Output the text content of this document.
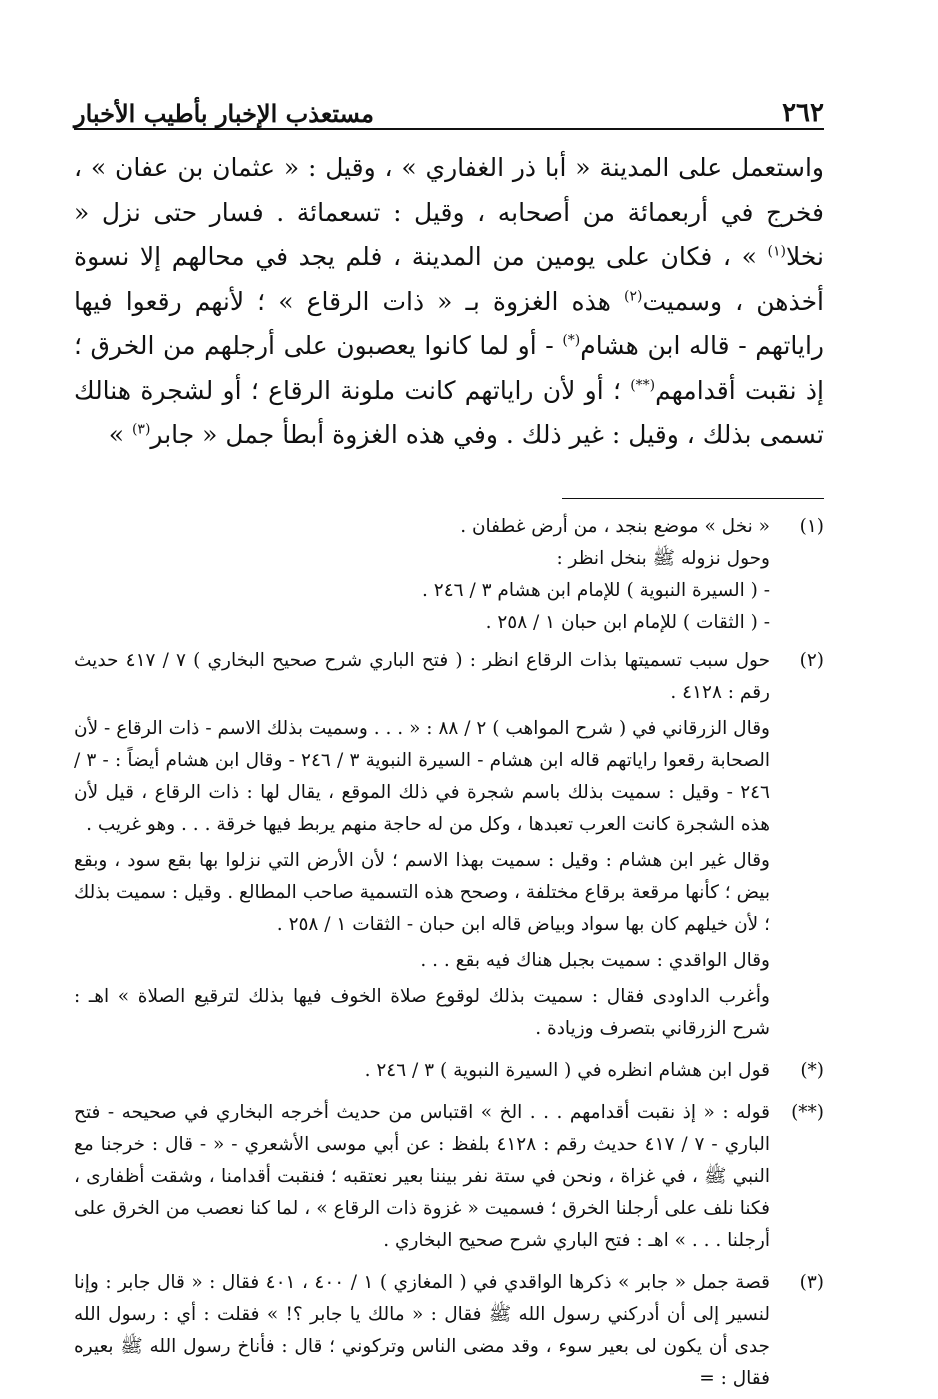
٢٦٢
مستعذب الإخبار بأطيب الأخبار

واستعمل على المدينة « أبا ذر الغفاري » ، وقيل : « عثمان بن عفان » ، فخرج في أربعمائة من أصحابه ، وقيل : تسعمائة . فسار حتى نزل « نخلا$^{(١)}$ » ، فكان على يومين من المدينة ، فلم يجد في محالهم إلا نسوة أخذهن ، وسميت$^{(٢)}$ هذه الغزوة بـ « ذات الرقاع » ؛ لأنهم رقعوا فيها راياتهم - قاله ابن هشام(*) - أو لما كانوا يعصبون على أرجلهم من الخرق ؛ إذ نقبت أقدامهم(**) ؛ أو لأن راياتهم كانت ملونة الرقاع ؛ أو لشجرة هنالك تسمى بذلك ، وقيل : غير ذلك . وفي هذه الغزوة أبطأ جمل « جابر$^{(٣)}$ »

(١)
« نخل » موضع بنجد ، من أرض غطفان .
وحول نزوله ﷺ بنخل انظر :
- ( السيرة النبوية ) للإمام ابن هشام ٣ / ٢٤٦ .
- ( الثقات ) للإمام ابن حبان ١ / ٢٥٨ .
(٢)
حول سبب تسميتها بذات الرقاع انظر : ( فتح الباري شرح صحيح البخاري ) ٧ / ٤١٧ حديث رقم : ٤١٢٨ .
وقال الزرقاني في ( شرح المواهب ) ٢ / ٨٨ : « . . . وسميت بذلك الاسم - ذات الرقاع - لأن الصحابة رقعوا راياتهم قاله ابن هشام - السيرة النبوية ٣ / ٢٤٦ - وقال ابن هشام أيضاً : - ٣ / ٢٤٦ - وقيل : سميت بذلك باسم شجرة في ذلك الموقع ، يقال لها : ذات الرقاع ، قيل لأن هذه الشجرة كانت العرب تعبدها ، وكل من له حاجة منهم يربط فيها خرقة . . . وهو غريب .
وقال غير ابن هشام : وقيل : سميت بهذا الاسم ؛ لأن الأرض التي نزلوا بها بقع سود ، وبقع بيض ؛ كأنها مرقعة برقاع مختلفة ، وصحح هذه التسمية صاحب المطالع . وقيل : سميت بذلك ؛ لأن خيلهم كان بها سواد وبياض قاله ابن حبان - الثقات ١ / ٢٥٨ .
وقال الواقدي : سميت بجبل هناك فيه بقع . . .
وأغرب الداودى فقال : سميت بذلك لوقوع صلاة الخوف فيها بذلك لترقيع الصلاة » اهـ : شرح الزرقاني بتصرف وزيادة .
(*)
قول ابن هشام انظره في ( السيرة النبوية ) ٣ / ٢٤٦ .
(**)
قوله : « إذ نقبت أقدامهم . . . الخ » اقتباس من حديث أخرجه البخاري في صحيحه - فتح الباري - ٧ / ٤١٧ حديث رقم : ٤١٢٨ بلفظ : عن أبي موسى الأشعري - « - قال : خرجنا مع النبي ﷺ ، في غزاة ، ونحن في ستة نفر بيننا بعير نعتقبه ؛ فنقبت أقدامنا ، وشقت أظفارى ، فكنا نلف على أرجلنا الخرق ؛ فسميت « غزوة ذات الرقاع » ، لما كنا نعصب من الخرق على أرجلنا . . . » اهـ : فتح الباري شرح صحيح البخاري .
(٣)
قصة جمل « جابر » ذكرها الواقدي في ( المغازي ) ١ / ٤٠٠ ، ٤٠١ فقال : « قال جابر : وإنا لنسير إلى أن أدركني رسول الله ﷺ فقال : « مالك يا جابر ؟! » فقلت : أي : رسول الله جدى أن يكون لى بعير سوء ، وقد مضى الناس وتركوني ؛ قال : فأناخ رسول الله ﷺ بعيره فقال : =
